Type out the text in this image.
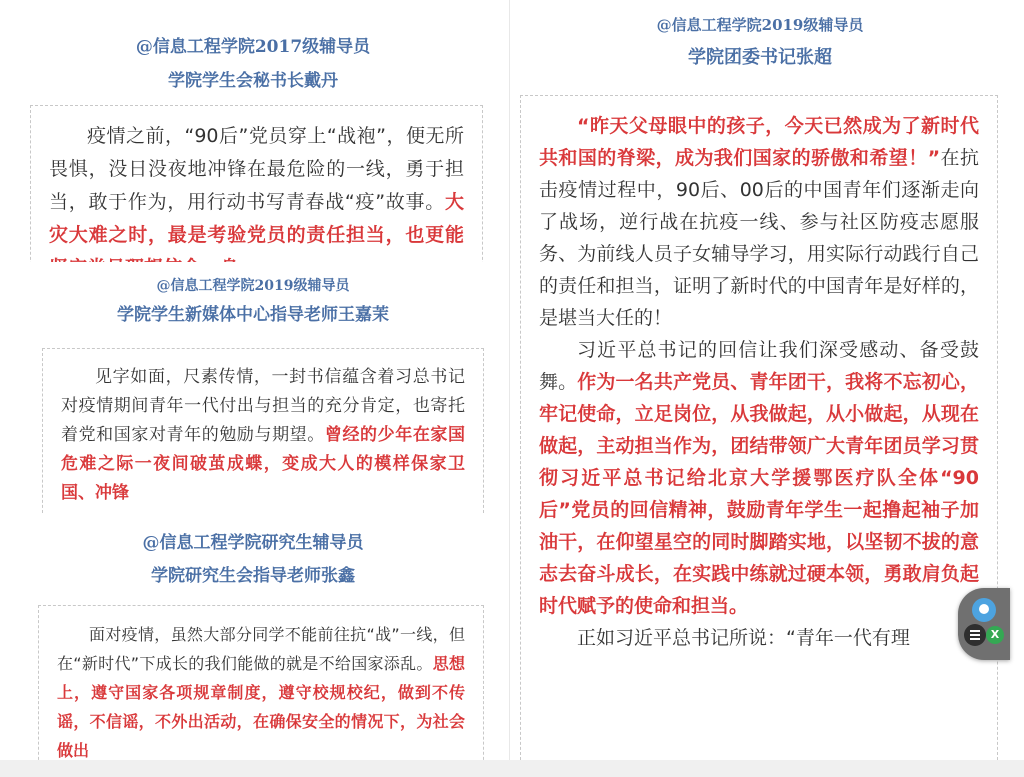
@信息工程学院2017级辅导员
学院学生会秘书长戴丹

疫情之前，“90后”党员穿上“战袍”，便无所畏惧，没日没夜地冲锋在最危险的一线，勇于担当，敢于作为，用行动书写青春战“疫”故事。大灾大难之时，最是考验党员的责任担当，也更能

@信息工程学院2019级辅导员
学院学生新媒体中心指导老师王嘉茉

见字如面，尺素传情，一封书信蕴含着习总书记对疫情期间青年一代付出与担当的充分肯定，也寄托着党和国家对青年的勉励与期望。曾经的少年在家国危难之际一夜间破茧成蝶，变成大人的模样保家卫国、冲锋

@信息工程学院研究生辅导员
学院研究生会指导老师张鑫

面对疫情，虽然大部分同学不能前往抗“战”一线，但在“新时代”下成长的我们能做的就是不给国家添乱。思想上，遵守国家各项规章制度，遵守校规校纪，做到不传谣，不信谣，不外出活动，在确保安全的情况下，为社会做出

@信息工程学院2019级辅导员
学院团委书记张超

“昨天父母眼中的孩子，今天已然成为了新时代共和国的脊梁，成为我们国家的骄傲和希望！”在抗击疫情过程中，90后、00后的中国青年们逐渐走向了战场，逆行战在抗疫一线、参与社区防疫志愿服务、为前线人员子女辅导学习，用实际行动践行自己的责任和担当，证明了新时代的中国青年是好样的，是堪当大任的！

习近平总书记的回信让我们深受感动、备受鼓舞。作为一名共产党员、青年团干，我将不忘初心，牢记使命，立足岗位，从我做起，从小做起，从现在做起，主动担当作为，团结带领广大青年团员学习贯彻习近平总书记给北京大学援鄂医疗队全体“90后”党员的回信精神，鼓励青年学生一起撸起袖子加油干，在仰望星空的同时脚踏实地，以坚韧不拔的意志去奋斗成长，在实践中练就过硬本领，勇敢肩负起时代赋予的使命和担当。

正如习近平总书记所说：“青年一代有理	X
